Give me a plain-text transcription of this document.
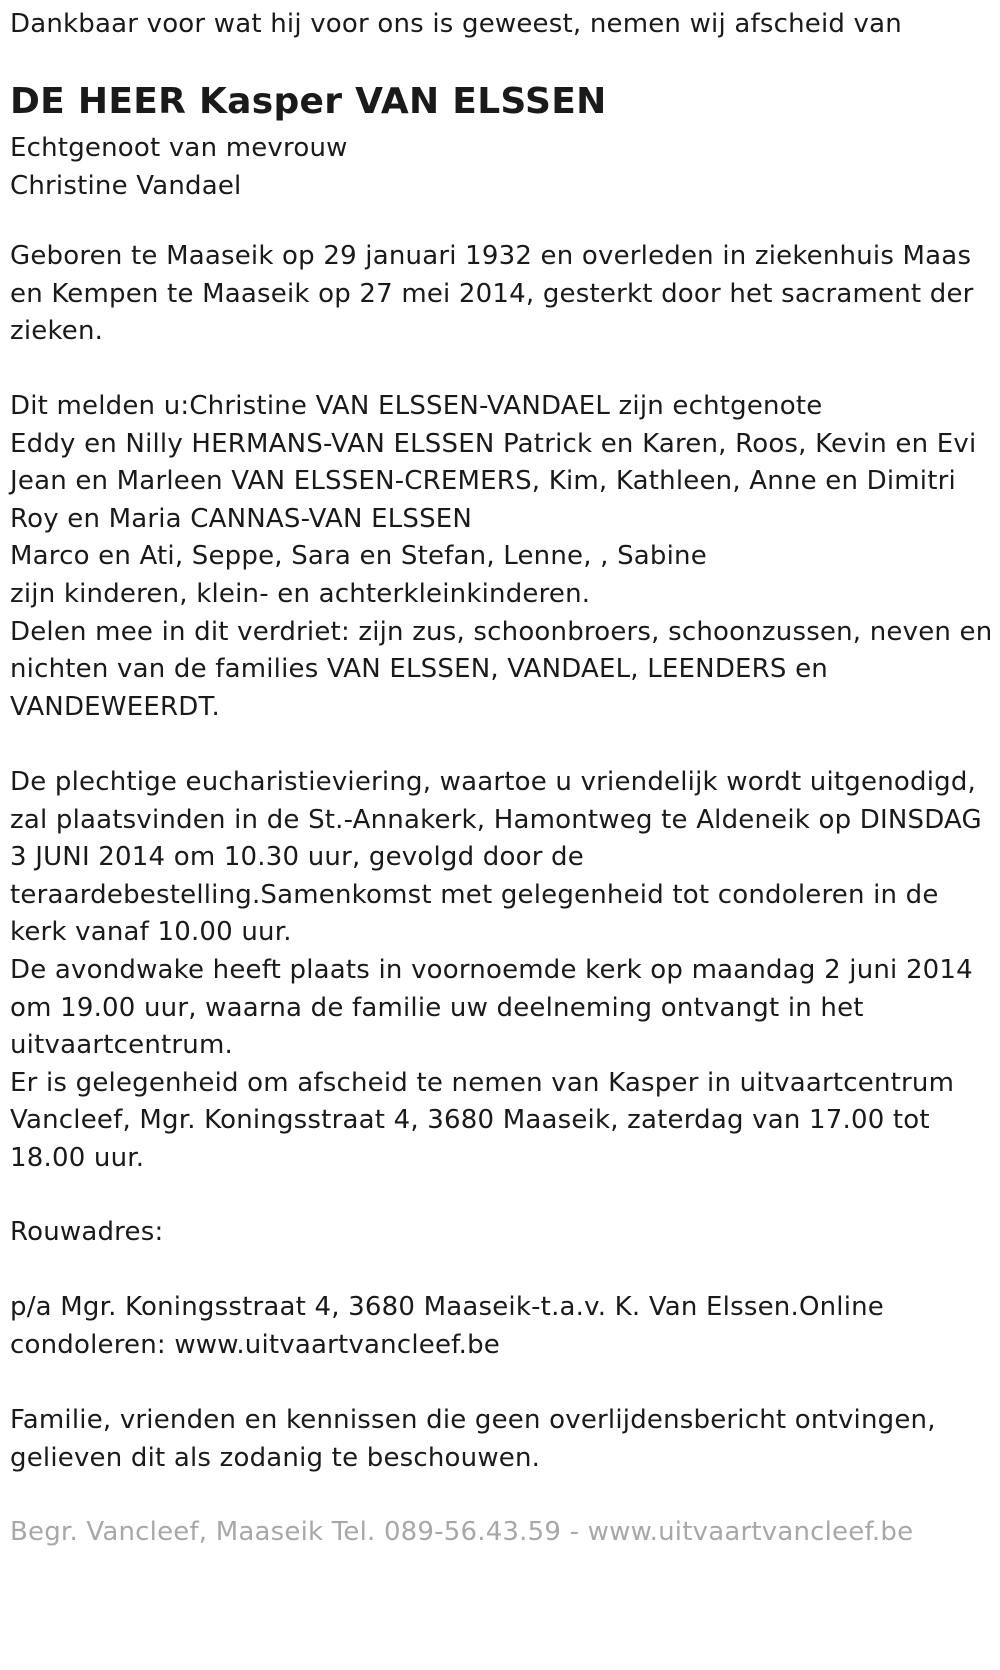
Dankbaar voor wat hij voor ons is geweest, nemen wij afscheid van
DE HEER Kasper VAN ELSSEN
Echtgenoot van mevrouw
Christine Vandael
Geboren te Maaseik op 29 januari 1932 en overleden in ziekenhuis Maas
en Kempen te Maaseik op 27 mei 2014, gesterkt door het sacrament der
zieken.
Dit melden u:Christine VAN ELSSEN-VANDAEL zijn echtgenote
Eddy en Nilly HERMANS-VAN ELSSEN Patrick en Karen, Roos, Kevin en Evi
Jean en Marleen VAN ELSSEN-CREMERS, Kim, Kathleen, Anne en Dimitri
Roy en Maria CANNAS-VAN ELSSEN
Marco en Ati, Seppe, Sara en Stefan, Lenne, , Sabine
zijn kinderen, klein- en achterkleinkinderen.
Delen mee in dit verdriet: zijn zus, schoonbroers, schoonzussen, neven en
nichten van de families VAN ELSSEN, VANDAEL, LEENDERS en
VANDEWEERDT.
De plechtige eucharistieviering, waartoe u vriendelijk wordt uitgenodigd,
zal plaatsvinden in de St.-Annakerk, Hamontweg te Aldeneik op DINSDAG
3 JUNI 2014 om 10.30 uur, gevolgd door de
teraardebestelling.Samenkomst met gelegenheid tot condoleren in de
kerk vanaf 10.00 uur.
De avondwake heeft plaats in voornoemde kerk op maandag 2 juni 2014
om 19.00 uur, waarna de familie uw deelneming ontvangt in het
uitvaartcentrum.
Er is gelegenheid om afscheid te nemen van Kasper in uitvaartcentrum
Vancleef, Mgr. Koningsstraat 4, 3680 Maaseik, zaterdag van 17.00 tot
18.00 uur.
Rouwadres:
p/a Mgr. Koningsstraat 4, 3680 Maaseik-t.a.v. K. Van Elssen.Online
condoleren: www.uitvaartvancleef.be
Familie, vrienden en kennissen die geen overlijdensbericht ontvingen,
gelieven dit als zodanig te beschouwen.
Begr. Vancleef, Maaseik Tel. 089-56.43.59 - www.uitvaartvancleef.be
